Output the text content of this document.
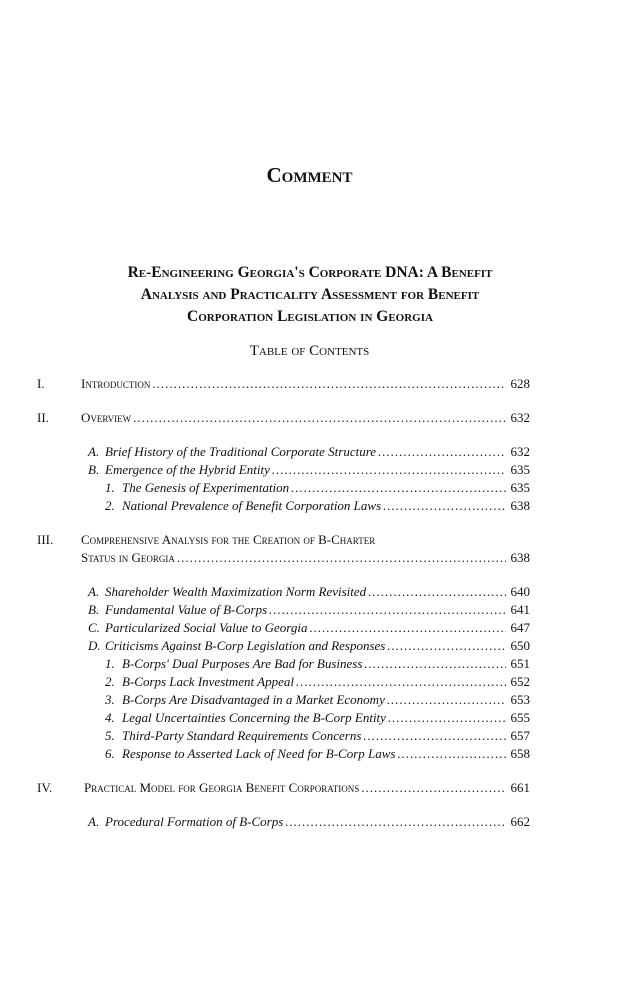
Comment
Re-Engineering Georgia's Corporate DNA: A Benefit
Analysis and Practicality Assessment for Benefit
Corporation Legislation in Georgia
Table of Contents
I.	Introduction .....	628
II. Overview .....	632
A. Brief History of the Traditional Corporate Structure .....	632
B. Emergence of the Hybrid Entity .....	635
1. The Genesis of Experimentation .....	635
2. National Prevalence of Benefit Corporation Laws .....	638
III. Comprehensive Analysis for the Creation of B-Charter
Status in Georgia .....	638
A. Shareholder Wealth Maximization Norm Revisited .....	640
B. Fundamental Value of B-Corps .....	641
C. Particularized Social Value to Georgia .....	647
D. Criticisms Against B-Corp Legislation and Responses .....	650
1. B-Corps' Dual Purposes Are Bad for Business .....	651
2. B-Corps Lack Investment Appeal .....	652
3. B-Corps Are Disadvantaged in a Market Economy .....	653
4. Legal Uncertainties Concerning the B-Corp Entity .....	655
5. Third-Party Standard Requirements Concerns .....	657
6. Response to Asserted Lack of Need for B-Corp Laws .....	658
IV. Practical Model for Georgia Benefit Corporations .....	661
A. Procedural Formation of B-Corps .....	662
